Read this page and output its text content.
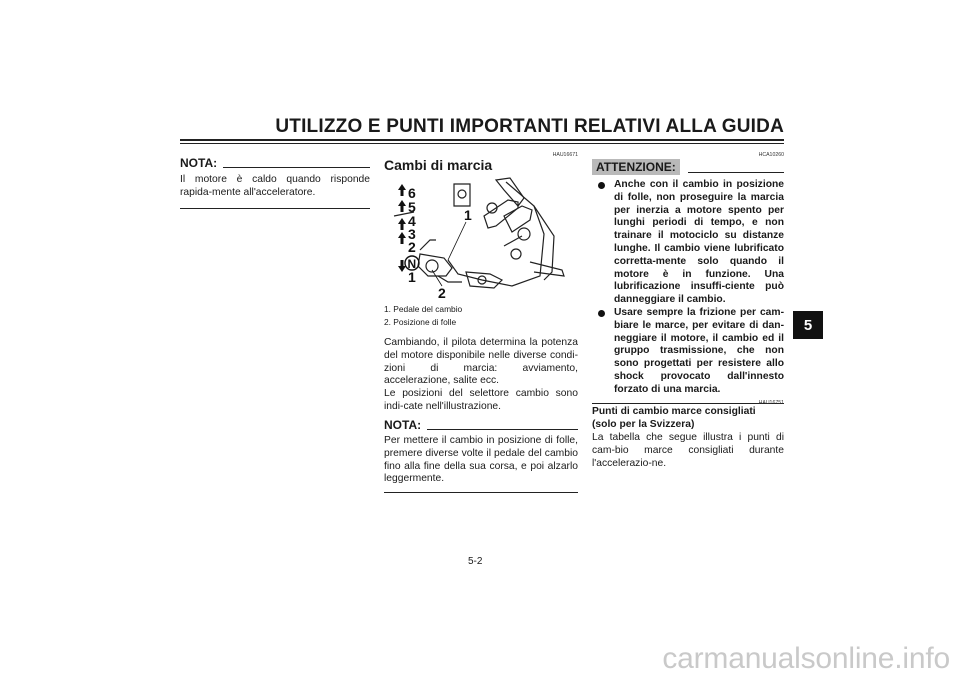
UTILIZZO E PUNTI IMPORTANTI RELATIVI ALLA GUIDA
5
NOTA:
Il motore è caldo quando risponde rapida-mente all'acceleratore.
HAU16671
Cambi di marcia
6
5
4
3
2
N
1
1
2
1. Pedale del cambio
2. Posizione di folle
Cambiando, il pilota determina la potenza del motore disponibile nelle diverse condi-zioni di marcia: avviamento, accelerazione, salite ecc.
Le posizioni del selettore cambio sono indi-cate nell'illustrazione.
NOTA:
Per mettere il cambio in posizione di folle, premere diverse volte il pedale del cambio fino alla fine della sua corsa, e poi alzarlo leggermente.
HCA10260
ATTENZIONE:
Anche con il cambio in posizione di folle, non proseguire la marcia per inerzia a motore spento per lunghi periodi di tempo, e non trainare il motociclo su distanze lunghe. Il cambio viene lubrificato corretta-mente solo quando il motore è in funzione. Una lubrificazione insuffi-ciente può danneggiare il cambio.
Usare sempre la frizione per cam-biare le marce, per evitare di dan-neggiare il motore, il cambio ed il gruppo trasmissione, che non sono progettati per resistere allo shock provocato dall'innesto forzato di una marcia.
HAU16751
Punti di cambio marce consigliati (solo per la Svizzera)
La tabella che segue illustra i punti di cam-bio marce consigliati durante l'accelerazio-ne.
5-2
carmanualsonline.info
